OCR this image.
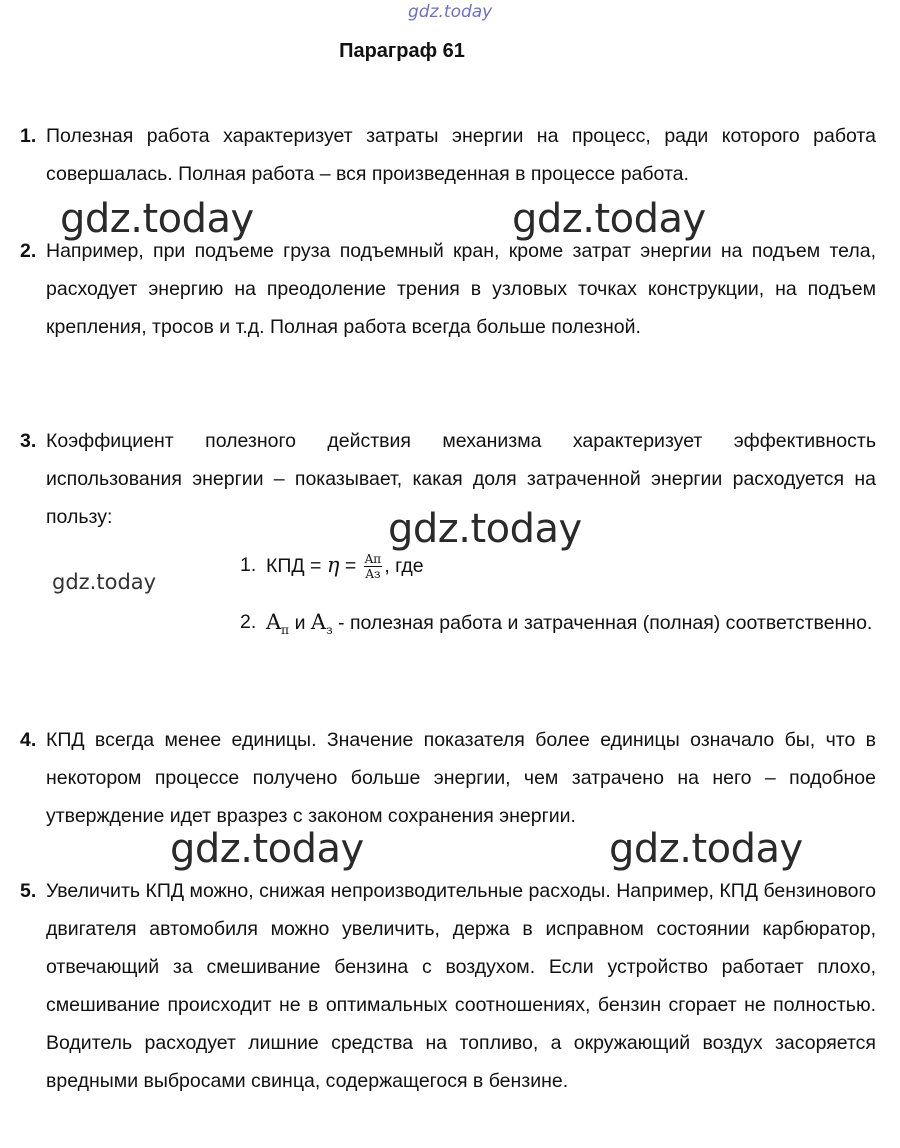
gdz.today
Параграф 61
1. Полезная работа характеризует затраты энергии на процесс, ради которого работа совершалась. Полная работа – вся произведенная в процессе работа.
2. Например, при подъеме груза подъемный кран, кроме затрат энергии на подъем тела, расходует энергию на преодоление трения в узловых точках конструкции, на подъем крепления, тросов и т.д. Полная работа всегда больше полезной.
3. Коэффициент полезного действия механизма характеризует эффективность использования энергии – показывает, какая доля затраченной энергии расходуется на пользу:
1. КПД = $\eta = \frac{Aп}{Aз}$ , где
2. $A_п$ и $A_з$ - полезная работа и затраченная (полная) соответственно.
4. КПД всегда менее единицы. Значение показателя более единицы означало бы, что в некотором процессе получено больше энергии, чем затрачено на него – подобное утверждение идет вразрез с законом сохранения энергии.
5. Увеличить КПД можно, снижая непроизводительные расходы. Например, КПД бензинового двигателя автомобиля можно увеличить, держа в исправном состоянии карбюратор, отвечающий за смешивание бензина с воздухом. Если устройство работает плохо, смешивание происходит не в оптимальных соотношениях, бензин сгорает не полностью. Водитель расходует лишние средства на топливо, а окружающий воздух засоряется вредными выбросами свинца, содержащегося в бензине.
gdz.today	gdz.today
gdz.today
gdz.today
gdz.today	gdz.today
